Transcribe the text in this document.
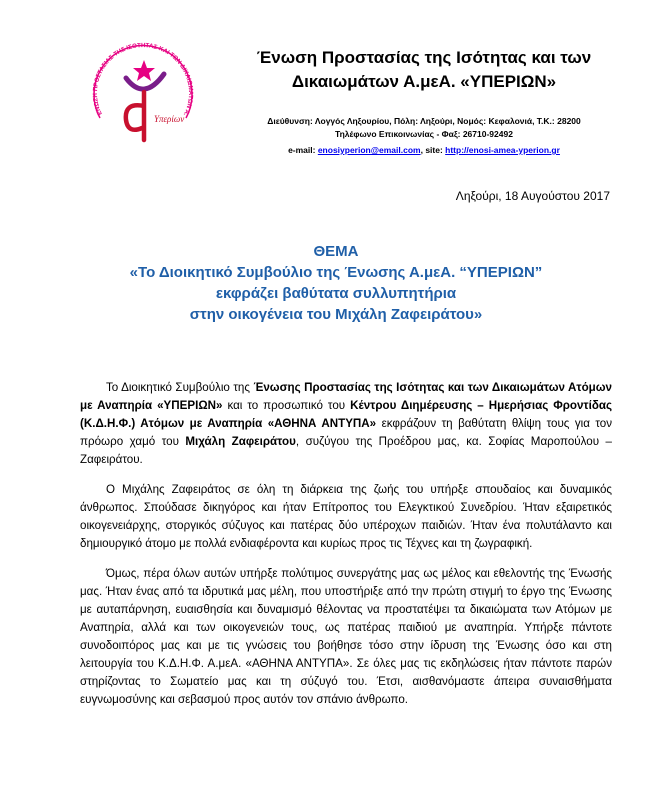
ΕΝΩΣΗ ΠΡΟΣΤΑΣΙΑΣ ΤΗΣ ΙΣΟΤΗΤΑΣ ΚΑΙ ΤΩΝ ΔΙΚΑΙΩΜΑΤΩΝ Α.
Υπερίων
Ένωση Προστασίας της Ισότητας και των
Δικαιωμάτων Α.μεΑ. «ΥΠΕΡΙΩΝ»
Διεύθυνση: Λογγός Ληξουρίου, Πόλη: Ληξούρι, Νομός: Κεφαλονιά, Τ.Κ.: 28200
Τηλέφωνο Επικοινωνίας - Φαξ: 26710-92492
e-mail: enosiyperion@email.com, site: http://enosi-amea-yperion.gr
Ληξούρι, 18 Αυγούστου 2017
ΘΕΜΑ
«Το Διοικητικό Συμβούλιο της Ένωσης Α.μεΑ. “ΥΠΕΡΙΩΝ”
εκφράζει βαθύτατα συλλυπητήρια
στην οικογένεια του Μιχάλη Ζαφειράτου»

Το Διοικητικό Συμβούλιο της Ένωσης Προστασίας της Ισότητας και των Δικαιωμάτων Ατόμων με Αναπηρία «ΥΠΕΡΙΩΝ» και το προσωπικό του Κέντρου Διημέρευσης – Ημερήσιας Φροντίδας (Κ.Δ.Η.Φ.) Ατόμων με Αναπηρία «ΑΘΗΝΑ ΑΝΤΥΠΑ» εκφράζουν τη βαθύτατη θλίψη τους για τον πρόωρο χαμό του Μιχάλη Ζαφειράτου, συζύγου της Προέδρου μας, κα. Σοφίας Μαροπούλου – Ζαφειράτου.

Ο Μιχάλης Ζαφειράτος σε όλη τη διάρκεια της ζωής του υπήρξε σπουδαίος και δυναμικός άνθρωπος. Σπούδασε δικηγόρος και ήταν Επίτροπος του Ελεγκτικού Συνεδρίου. Ήταν εξαιρετικός οικογενειάρχης, στοργικός σύζυγος και πατέρας δύο υπέροχων παιδιών. Ήταν ένα πολυτάλαντο και δημιουργικό άτομο με πολλά ενδιαφέροντα και κυρίως προς τις Τέχνες και τη ζωγραφική.

Όμως, πέρα όλων αυτών υπήρξε πολύτιμος συνεργάτης μας ως μέλος και εθελοντής της Ένωσής μας. Ήταν ένας από τα ιδρυτικά μας μέλη, που υποστήριξε από την πρώτη στιγμή το έργο της Ένωσης με αυταπάρνηση, ευαισθησία και δυναμισμό θέλοντας να προστατέψει τα δικαιώματα των Ατόμων με Αναπηρία, αλλά και των οικογενειών τους, ως πατέρας παιδιού με αναπηρία. Υπήρξε πάντοτε συνοδοιπόρος μας και με τις γνώσεις του βοήθησε τόσο στην ίδρυση της Ένωσης όσο και στη λειτουργία του Κ.Δ.Η.Φ. Α.μεΑ. «ΑΘΗΝΑ ΑΝΤΥΠΑ». Σε όλες μας τις εκδηλώσεις ήταν πάντοτε παρών στηρίζοντας το Σωματείο μας και τη σύζυγό του. Έτσι, αισθανόμαστε άπειρα συναισθήματα ευγνωμοσύνης και σεβασμού προς αυτόν τον σπάνιο άνθρωπο.
